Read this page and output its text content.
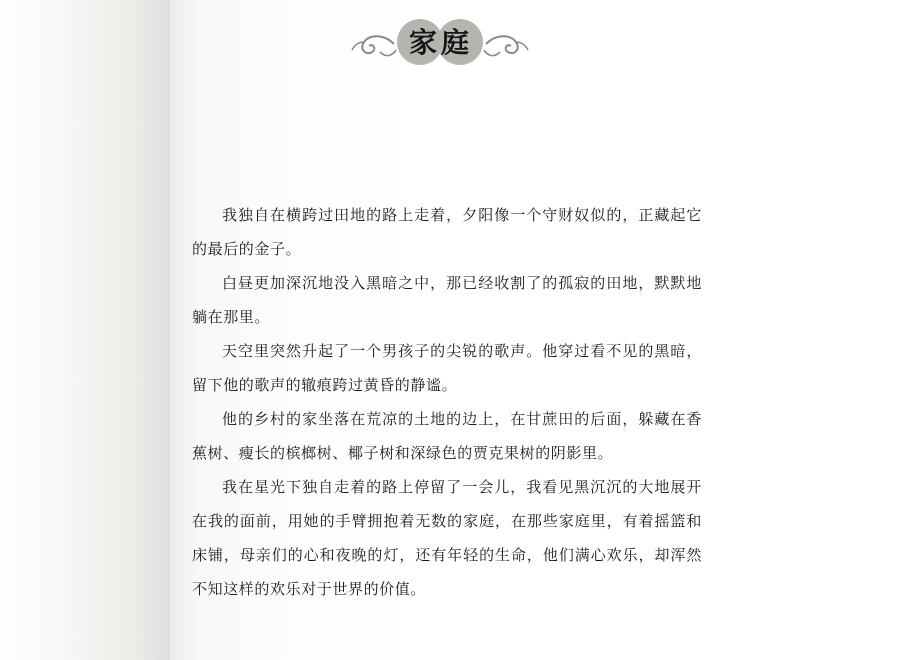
家庭

我独自在横跨过田地的路上走着，夕阳像一个守财奴似的，正藏起它的最后的金子。

白昼更加深沉地没入黑暗之中，那已经收割了的孤寂的田地，默默地躺在那里。

天空里突然升起了一个男孩子的尖锐的歌声。他穿过看不见的黑暗，留下他的歌声的辙痕跨过黄昏的静谧。

他的乡村的家坐落在荒凉的土地的边上，在甘蔗田的后面，躲藏在香蕉树、瘦长的槟榔树、椰子树和深绿色的贾克果树的阴影里。

我在星光下独自走着的路上停留了一会儿，我看见黑沉沉的大地展开在我的面前，用她的手臂拥抱着无数的家庭，在那些家庭里，有着摇篮和床铺，母亲们的心和夜晚的灯，还有年轻的生命，他们满心欢乐，却浑然不知这样的欢乐对于世界的价值。
